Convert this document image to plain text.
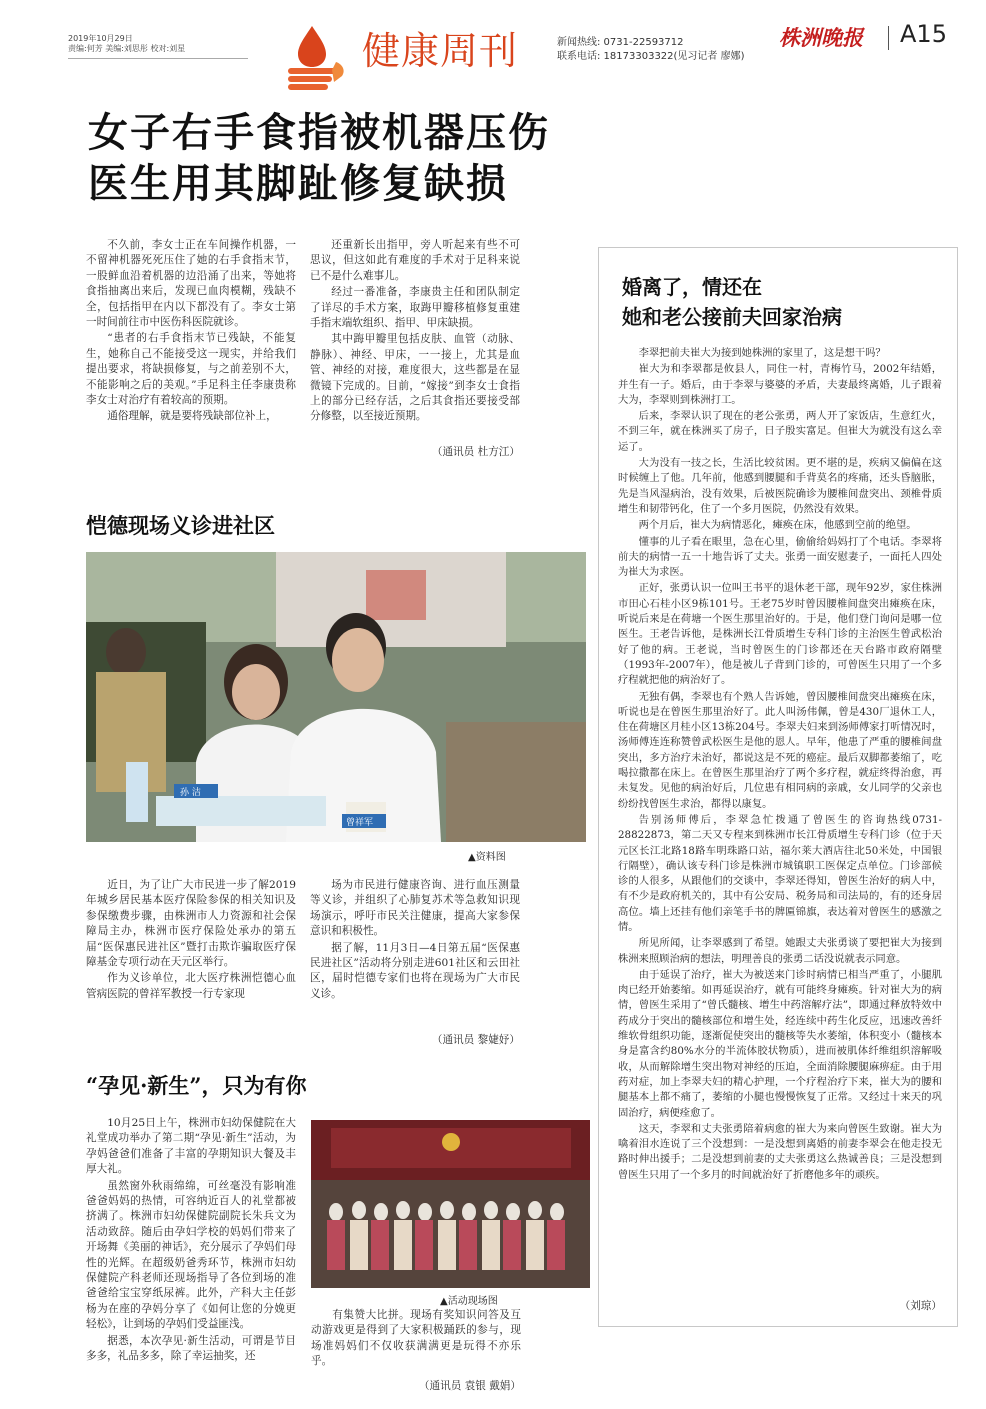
2019年10月29日
责编:何芳 美编:刘思彤 校对:刘星	健康周刊	新闻热线: 0731-22593712
联系电话: 18173303322(见习记者 廖娜)
株洲晚报 A15
女子右手食指被机器压伤
医生用其脚趾修复缺损

不久前，李女士正在车间操作机器，一不留神机器死死压住了她的右手食指末节，一股鲜血沿着机器的边沿涌了出来，等她将食指抽离出来后，发现已血肉模糊，残缺不全，包括指甲在内以下都没有了。李女士第一时间前往市中医伤科医院就诊。

“患者的右手食指末节已残缺，不能复生，她称自己不能接受这一现实，并给我们提出要求，将缺损修复，与之前差别不大，不能影响之后的美观。”手足科主任李康贵称李女士对治疗有着较高的预期。

通俗理解，就是要将残缺部位补上，

还重新长出指甲，旁人听起来有些不可思议，但这如此有难度的手术对于足科来说已不是什么难事儿。

经过一番准备，李康贵主任和团队制定了详尽的手术方案，取踇甲瓣移植修复重建手指末端软组织、指甲、甲床缺损。

其中踇甲瓣里包括皮肤、血管（动脉、静脉）、神经、甲床，一一接上，尤其是血管、神经的对接，难度很大，这些都是在显微镜下完成的。目前，“嫁接”到李女士食指上的部分已经存活，之后其食指还要接受部分修整，以至接近预期。

（通讯员 杜方江）
恺德现场义诊进社区
孙 洁
曾祥军
▲资料图

近日，为了让广大市民进一步了解2019年城乡居民基本医疗保险参保的相关知识及参保缴费步骤，由株洲市人力资源和社会保障局主办，株洲市医疗保险处承办的第五届“医保惠民进社区”暨打击欺诈骗取医疗保障基金专项行动在天元区举行。

作为义诊单位，北大医疗株洲恺德心血管病医院的曾祥军教授一行专家现

场为市民进行健康咨询、进行血压测量等义诊，并组织了心肺复苏术等急救知识现场演示，呼吁市民关注健康，提高大家参保意识和积极性。

据了解，11月3日—4日第五届“医保惠民进社区”活动将分别走进601社区和云田社区，届时恺德专家们也将在现场为广大市民义诊。

（通讯员 黎婕妤）
“孕见·新生”，只为有你
▲活动现场图

10月25日上午，株洲市妇幼保健院在大礼堂成功举办了第二期“孕见·新生”活动，为孕妈爸爸们准备了丰富的孕期知识大餐及丰厚大礼。

虽然窗外秋雨绵绵，可丝毫没有影响准爸爸妈妈的热情，可容纳近百人的礼堂都被挤满了。株洲市妇幼保健院副院长朱兵文为活动致辞。随后由孕妇学校的妈妈们带来了开场舞《美丽的神话》，充分展示了孕妈们母性的光辉。在超级奶爸秀环节，株洲市妇幼保健院产科老师还现场指导了各位到场的准爸爸给宝宝穿纸尿裤。此外，产科大主任彭杨为在座的孕妈分享了《如何让您的分娩更轻松》，让到场的孕妈们受益匪浅。

据悉，本次孕见·新生活动，可谓是节目多多，礼品多多，除了幸运抽奖，还

有集赞大比拼。现场有奖知识问答及互动游戏更是得到了大家积极踊跃的参与，现场准妈妈们不仅收获满满更是玩得不亦乐乎。

（通讯员 袁银 戴娟）
婚离了，情还在
她和老公接前夫回家治病

李翠把前夫崔大为接到她株洲的家里了，这是想干吗？

崔大为和李翠都是攸县人，同住一村，青梅竹马，2002年结婚，并生有一子。婚后，由于李翠与婆婆的矛盾，夫妻最终离婚，儿子跟着大为，李翠则到株洲打工。

后来，李翠认识了现在的老公张勇，两人开了家饭店，生意红火，不到三年，就在株洲买了房子，日子殷实富足。但崔大为就没有这么幸运了。

大为没有一技之长，生活比较贫困。更不堪的是，疾病又偏偏在这时候缠上了他。几年前，他感到腰腿和手背莫名的疼痛，还头昏脑胀，先是当风湿病治，没有效果，后被医院确诊为腰椎间盘突出、颈椎骨质增生和韧带钙化，住了一个多月医院，仍然没有效果。

两个月后，崔大为病情恶化，瘫痪在床，他感到空前的绝望。

懂事的儿子看在眼里，急在心里，偷偷给妈妈打了个电话。李翠将前夫的病情一五一十地告诉了丈夫。张勇一面安慰妻子，一面托人四处为崔大为求医。

正好，张勇认识一位叫王书平的退休老干部，现年92岁，家住株洲市田心石桂小区9栋101号。王老75岁时曾因腰椎间盘突出瘫痪在床，听说后来是在荷塘一个医生那里治好的。于是，他们登门询问是哪一位医生。王老告诉他，是株洲长江骨质增生专科门诊的主治医生曾武松治好了他的病。王老说，当时曾医生的门诊都还在天台路市政府隔壁（1993年-2007年），他是被儿子背到门诊的，可曾医生只用了一个多疗程就把他的病治好了。

无独有偶，李翠也有个熟人告诉她，曾因腰椎间盘突出瘫痪在床，听说也是在曾医生那里治好了。此人叫汤伟佩，曾是430厂退休工人，住在荷塘区月桂小区13栋204号。李翠夫妇来到汤师傅家打听情况时，汤师傅连连称赞曾武松医生是他的恩人。早年，他患了严重的腰椎间盘突出，多方治疗未治好，都说这是不死的癌症。最后双脚都萎缩了，吃喝拉撒都在床上。在曾医生那里治疗了两个多疗程，就症终得治愈，再未复发。见他的病治好后，几位患有相同病的亲戚，女儿同学的父亲也纷纷找曾医生求治，都得以康复。

告别汤师傅后，李翠急忙拨通了曾医生的咨询热线0731-28822873，第二天又专程来到株洲市长江骨质增生专科门诊（位于天元区长江北路18路车明珠路口站，福尔莱大酒店往北50米处，中国银行隔壁），确认该专科门诊是株洲市城镇职工医保定点单位。门诊部候诊的人很多，从跟他们的交谈中，李翠还得知，曾医生治好的病人中，有不少是政府机关的，其中有公安局、税务局和司法局的，有的还身居高位。墙上还挂有他们亲笔手书的牌匾锦旗，表达着对曾医生的感激之情。

所见所闻，让李翠感到了希望。她跟丈夫张勇谈了要把崔大为接到株洲来照顾治病的想法，明理善良的张勇二话没说就表示同意。

由于延误了治疗，崔大为被送来门诊时病情已相当严重了，小腿肌肉已经开始萎缩。如再延误治疗，就有可能终身瘫痪。针对崔大为的病情，曾医生采用了“曾氏髓核、增生中药溶解疗法”，即通过释放特效中药成分于突出的髓核部位和增生处，经连续中药生化反应，迅速改善纤维软骨组织功能，逐渐促使突出的髓核等失水萎缩，体积变小（髓核本身是富含约80%水分的半流体胶状物质），进而被肌体纤维组织溶解吸收，从而解除增生突出物对神经的压迫，全面消除腰腿麻痹症。由于用药对症，加上李翠夫妇的精心护理，一个疗程治疗下来，崔大为的腰和腿基本上都不痛了，萎缩的小腿也慢慢恢复了正常。又经过十来天的巩固治疗，病便痊愈了。

这天，李翠和丈夫张勇陪着病愈的崔大为来向曾医生致谢。崔大为噙着泪水连说了三个没想到：一是没想到离婚的前妻李翠会在他走投无路时伸出援手；二是没想到前妻的丈夫张勇这么热诚善良；三是没想到曾医生只用了一个多月的时间就治好了折磨他多年的顽疾。

（刘琼）
